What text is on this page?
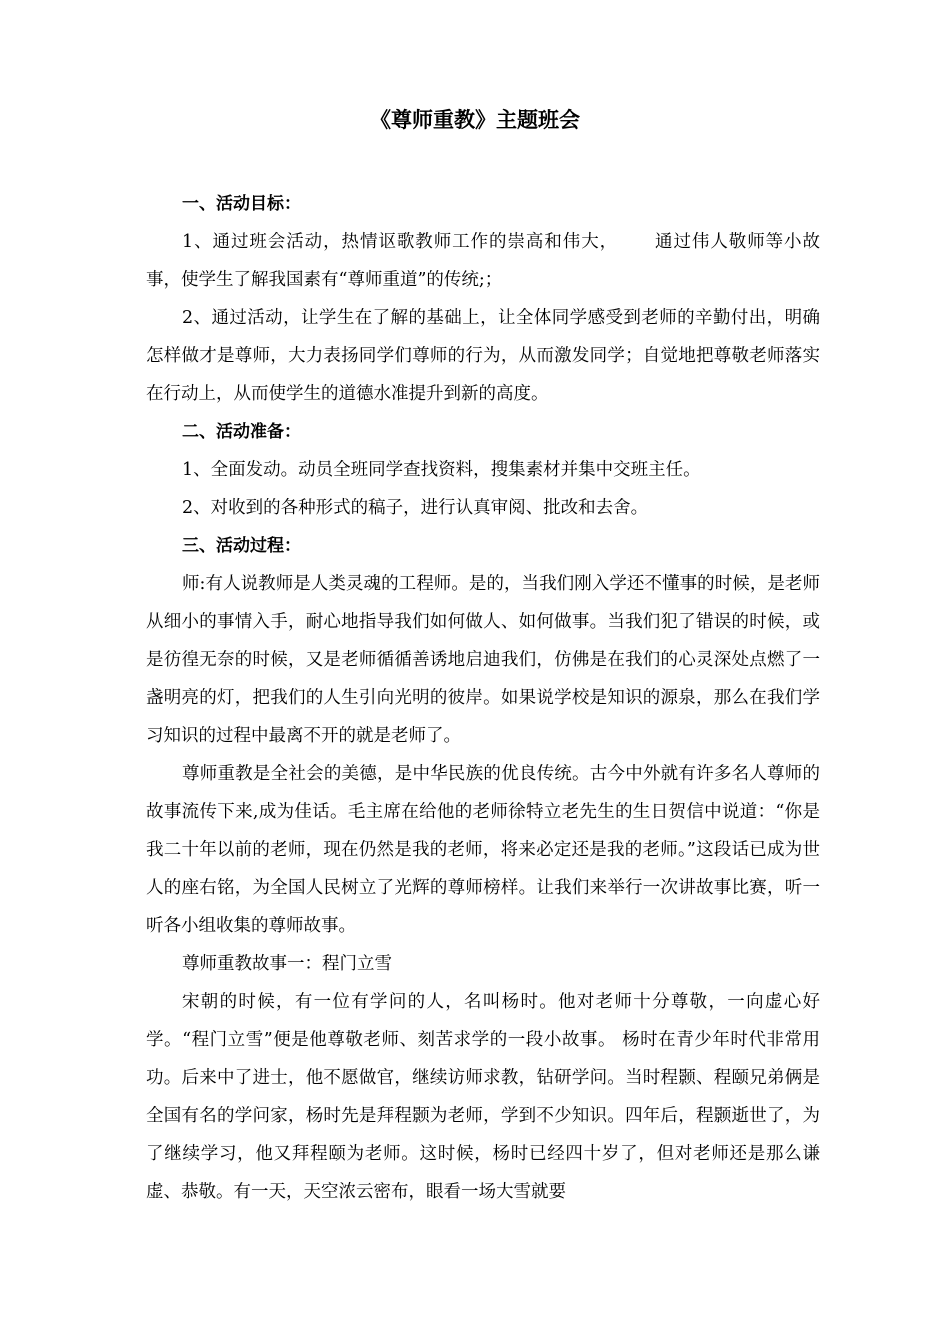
《尊师重教》主题班会

一、活动目标：

1、通过班会活动，热情讴歌教师工作的崇高和伟大， 通过伟人敬师等小故事，使学生了解我国素有“尊师重道”的传统;；

2、通过活动，让学生在了解的基础上，让全体同学感受到老师的辛勤付出，明确怎样做才是尊师，大力表扬同学们尊师的行为，从而激发同学；自觉地把尊敬老师落实在行动上，从而使学生的道德水准提升到新的高度。

二、活动准备：

1、全面发动。动员全班同学查找资料，搜集素材并集中交班主任。

2、对收到的各种形式的稿子，进行认真审阅、批改和去舍。

三、活动过程：

师:有人说教师是人类灵魂的工程师。是的，当我们刚入学还不懂事的时候，是老师从细小的事情入手，耐心地指导我们如何做人、如何做事。当我们犯了错误的时候，或是彷徨无奈的时候，又是老师循循善诱地启迪我们，仿佛是在我们的心灵深处点燃了一盏明亮的灯，把我们的人生引向光明的彼岸。如果说学校是知识的源泉，那么在我们学习知识的过程中最离不开的就是老师了。

尊师重教是全社会的美德，是中华民族的优良传统。古今中外就有许多名人尊师的故事流传下来,成为佳话。毛主席在给他的老师徐特立老先生的生日贺信中说道：“你是我二十年以前的老师，现在仍然是我的老师，将来必定还是我的老师。”这段话已成为世人的座右铭，为全国人民树立了光辉的尊师榜样。让我们来举行一次讲故事比赛，听一听各小组收集的尊师故事。

尊师重教故事一：程门立雪

宋朝的时候，有一位有学问的人，名叫杨时。他对老师十分尊敬，一向虚心好学。“程门立雪”便是他尊敬老师、刻苦求学的一段小故事。 杨时在青少年时代非常用功。后来中了进士，他不愿做官，继续访师求教，钻研学问。当时程颢、程颐兄弟俩是全国有名的学问家，杨时先是拜程颢为老师，学到不少知识。四年后，程颢逝世了，为了继续学习，他又拜程颐为老师。这时候，杨时已经四十岁了，但对老师还是那么谦虚、恭敬。有一天，天空浓云密布，眼看一场大雪就要
